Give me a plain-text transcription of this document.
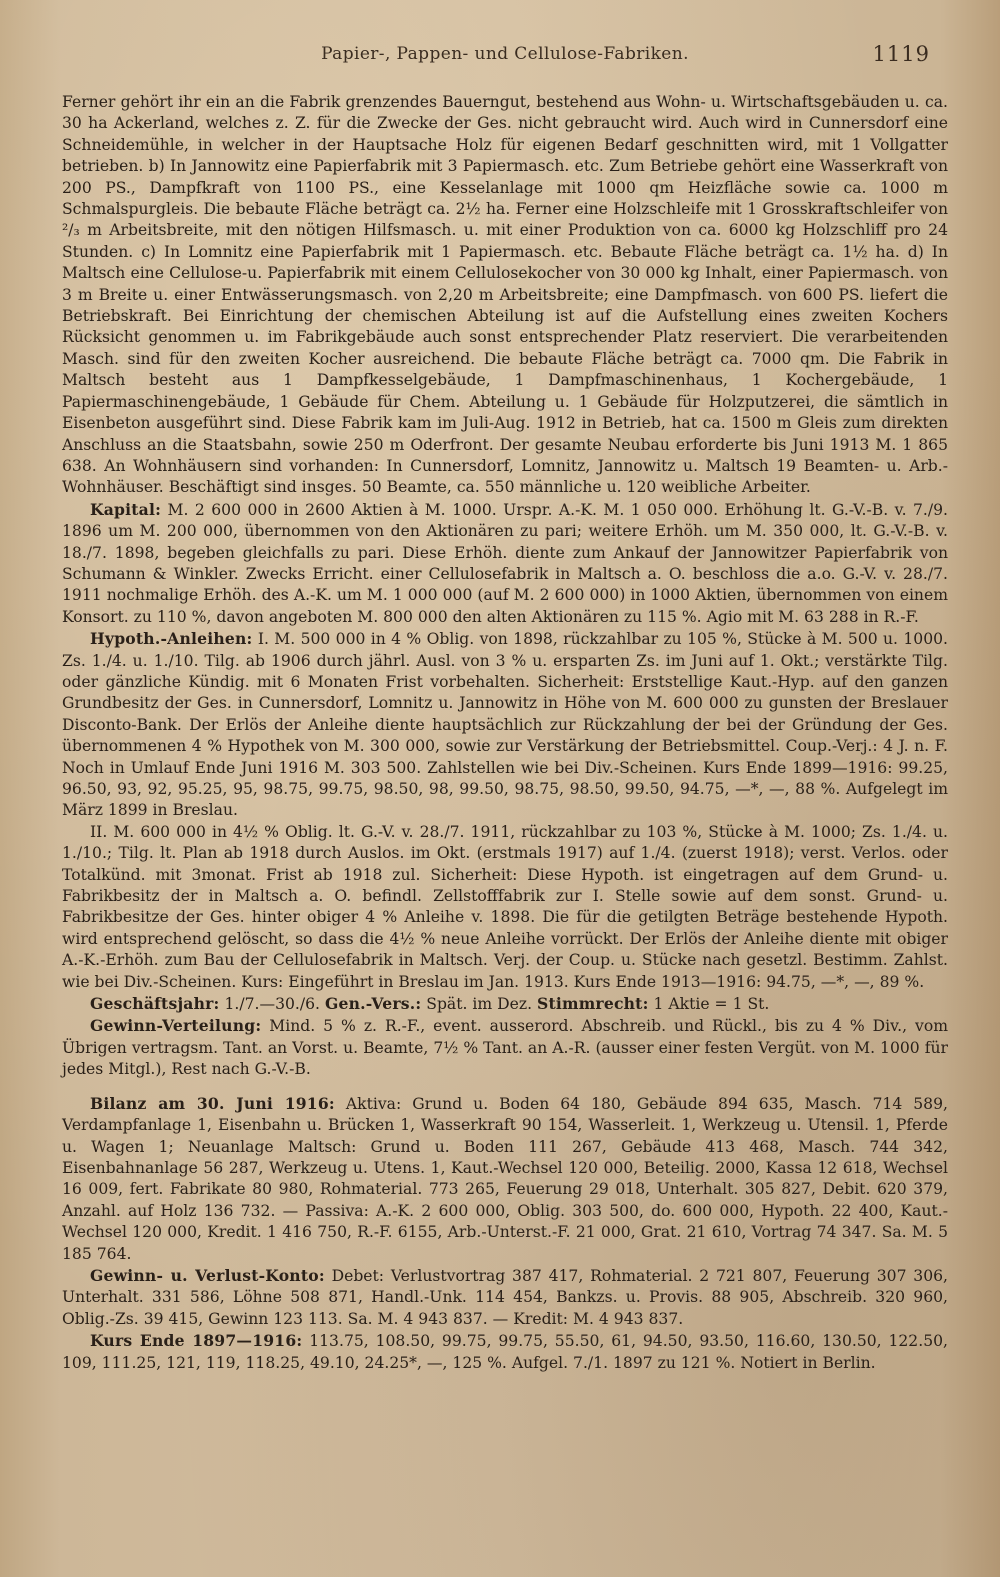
Papier-, Pappen- und Cellulose-Fabriken.	1119

Ferner gehört ihr ein an die Fabrik grenzendes Bauerngut, bestehend aus Wohn- u. Wirtschaftsgebäuden u. ca. 30 ha Ackerland, welches z. Z. für die Zwecke der Ges. nicht gebraucht wird. Auch wird in Cunnersdorf eine Schneidemühle, in welcher in der Hauptsache Holz für eigenen Bedarf geschnitten wird, mit 1 Vollgatter betrieben. b) In Jannowitz eine Papierfabrik mit 3 Papiermasch. etc. Zum Betriebe gehört eine Wasserkraft von 200 PS., Dampfkraft von 1100 PS., eine Kesselanlage mit 1000 qm Heizfläche sowie ca. 1000 m Schmalspurgleis. Die bebaute Fläche beträgt ca. 2½ ha. Ferner eine Holzschleife mit 1 Grosskraftschleifer von ²/₃ m Arbeitsbreite, mit den nötigen Hilfsmasch. u. mit einer Produktion von ca. 6000 kg Holzschliff pro 24 Stunden. c) In Lomnitz eine Papierfabrik mit 1 Papiermasch. etc. Bebaute Fläche beträgt ca. 1½ ha. d) In Maltsch eine Cellulose-u. Papierfabrik mit einem Cellulosekocher von 30 000 kg Inhalt, einer Papiermasch. von 3 m Breite u. einer Entwässerungsmasch. von 2,20 m Arbeitsbreite; eine Dampfmasch. von 600 PS. liefert die Betriebskraft. Bei Einrichtung der chemischen Abteilung ist auf die Aufstellung eines zweiten Kochers Rücksicht genommen u. im Fabrikgebäude auch sonst entsprechender Platz reserviert. Die verarbeitenden Masch. sind für den zweiten Kocher ausreichend. Die bebaute Fläche beträgt ca. 7000 qm. Die Fabrik in Maltsch besteht aus 1 Dampfkesselgebäude, 1 Dampfmaschinenhaus, 1 Kochergebäude, 1 Papiermaschinengebäude, 1 Gebäude für Chem. Abteilung u. 1 Gebäude für Holzputzerei, die sämtlich in Eisenbeton ausgeführt sind. Diese Fabrik kam im Juli-Aug. 1912 in Betrieb, hat ca. 1500 m Gleis zum direkten Anschluss an die Staatsbahn, sowie 250 m Oderfront. Der gesamte Neubau erforderte bis Juni 1913 M. 1 865 638. An Wohnhäusern sind vorhanden: In Cunnersdorf, Lomnitz, Jannowitz u. Maltsch 19 Beamten- u. Arb.-Wohnhäuser. Beschäftigt sind insges. 50 Beamte, ca. 550 männliche u. 120 weibliche Arbeiter.

Kapital: M. 2 600 000 in 2600 Aktien à M. 1000. Urspr. A.-K. M. 1 050 000. Erhöhung lt. G.-V.-B. v. 7./9. 1896 um M. 200 000, übernommen von den Aktionären zu pari; weitere Erhöh. um M. 350 000, lt. G.-V.-B. v. 18./7. 1898, begeben gleichfalls zu pari. Diese Erhöh. diente zum Ankauf der Jannowitzer Papierfabrik von Schumann & Winkler. Zwecks Erricht. einer Cellulosefabrik in Maltsch a. O. beschloss die a.o. G.-V. v. 28./7. 1911 nochmalige Erhöh. des A.-K. um M. 1 000 000 (auf M. 2 600 000) in 1000 Aktien, übernommen von einem Konsort. zu 110 %, davon angeboten M. 800 000 den alten Aktionären zu 115 %. Agio mit M. 63 288 in R.-F.

Hypoth.-Anleihen: I. M. 500 000 in 4 % Oblig. von 1898, rückzahlbar zu 105 %, Stücke à M. 500 u. 1000. Zs. 1./4. u. 1./10. Tilg. ab 1906 durch jährl. Ausl. von 3 % u. ersparten Zs. im Juni auf 1. Okt.; verstärkte Tilg. oder gänzliche Kündig. mit 6 Monaten Frist vorbehalten. Sicherheit: Erststellige Kaut.-Hyp. auf den ganzen Grundbesitz der Ges. in Cunnersdorf, Lomnitz u. Jannowitz in Höhe von M. 600 000 zu gunsten der Breslauer Disconto-Bank. Der Erlös der Anleihe diente hauptsächlich zur Rückzahlung der bei der Gründung der Ges. übernommenen 4 % Hypothek von M. 300 000, sowie zur Verstärkung der Betriebsmittel. Coup.-Verj.: 4 J. n. F. Noch in Umlauf Ende Juni 1916 M. 303 500. Zahlstellen wie bei Div.-Scheinen. Kurs Ende 1899—1916: 99.25, 96.50, 93, 92, 95.25, 95, 98.75, 99.75, 98.50, 98, 99.50, 98.75, 98.50, 99.50, 94.75, —*, —, 88 %. Aufgelegt im März 1899 in Breslau.

II. M. 600 000 in 4½ % Oblig. lt. G.-V. v. 28./7. 1911, rückzahlbar zu 103 %, Stücke à M. 1000; Zs. 1./4. u. 1./10.; Tilg. lt. Plan ab 1918 durch Auslos. im Okt. (erstmals 1917) auf 1./4. (zuerst 1918); verst. Verlos. oder Totalkünd. mit 3monat. Frist ab 1918 zul. Sicherheit: Diese Hypoth. ist eingetragen auf dem Grund- u. Fabrikbesitz der in Maltsch a. O. befindl. Zellstofffabrik zur I. Stelle sowie auf dem sonst. Grund- u. Fabrikbesitze der Ges. hinter obiger 4 % Anleihe v. 1898. Die für die getilgten Beträge bestehende Hypoth. wird entsprechend gelöscht, so dass die 4½ % neue Anleihe vorrückt. Der Erlös der Anleihe diente mit obiger A.-K.-Erhöh. zum Bau der Cellulosefabrik in Maltsch. Verj. der Coup. u. Stücke nach gesetzl. Bestimm. Zahlst. wie bei Div.-Scheinen. Kurs: Eingeführt in Breslau im Jan. 1913. Kurs Ende 1913—1916: 94.75, —*, —, 89 %.

Geschäftsjahr: 1./7.—30./6. Gen.-Vers.: Spät. im Dez. Stimmrecht: 1 Aktie = 1 St.

Gewinn-Verteilung: Mind. 5 % z. R.-F., event. ausserord. Abschreib. und Rückl., bis zu 4 % Div., vom Übrigen vertragsm. Tant. an Vorst. u. Beamte, 7½ % Tant. an A.-R. (ausser einer festen Vergüt. von M. 1000 für jedes Mitgl.), Rest nach G.-V.-B.

Bilanz am 30. Juni 1916: Aktiva: Grund u. Boden 64 180, Gebäude 894 635, Masch. 714 589, Verdampfanlage 1, Eisenbahn u. Brücken 1, Wasserkraft 90 154, Wasserleit. 1, Werkzeug u. Utensil. 1, Pferde u. Wagen 1; Neuanlage Maltsch: Grund u. Boden 111 267, Gebäude 413 468, Masch. 744 342, Eisenbahnanlage 56 287, Werkzeug u. Utens. 1, Kaut.-Wechsel 120 000, Beteilig. 2000, Kassa 12 618, Wechsel 16 009, fert. Fabrikate 80 980, Rohmaterial. 773 265, Feuerung 29 018, Unterhalt. 305 827, Debit. 620 379, Anzahl. auf Holz 136 732. — Passiva: A.-K. 2 600 000, Oblig. 303 500, do. 600 000, Hypoth. 22 400, Kaut.-Wechsel 120 000, Kredit. 1 416 750, R.-F. 6155, Arb.-Unterst.-F. 21 000, Grat. 21 610, Vortrag 74 347. Sa. M. 5 185 764.

Gewinn- u. Verlust-Konto: Debet: Verlustvortrag 387 417, Rohmaterial. 2 721 807, Feuerung 307 306, Unterhalt. 331 586, Löhne 508 871, Handl.-Unk. 114 454, Bankzs. u. Provis. 88 905, Abschreib. 320 960, Oblig.-Zs. 39 415, Gewinn 123 113. Sa. M. 4 943 837. — Kredit: M. 4 943 837.

Kurs Ende 1897—1916: 113.75, 108.50, 99.75, 99.75, 55.50, 61, 94.50, 93.50, 116.60, 130.50, 122.50, 109, 111.25, 121, 119, 118.25, 49.10, 24.25*, —, 125 %. Aufgel. 7./1. 1897 zu 121 %. Notiert in Berlin.
